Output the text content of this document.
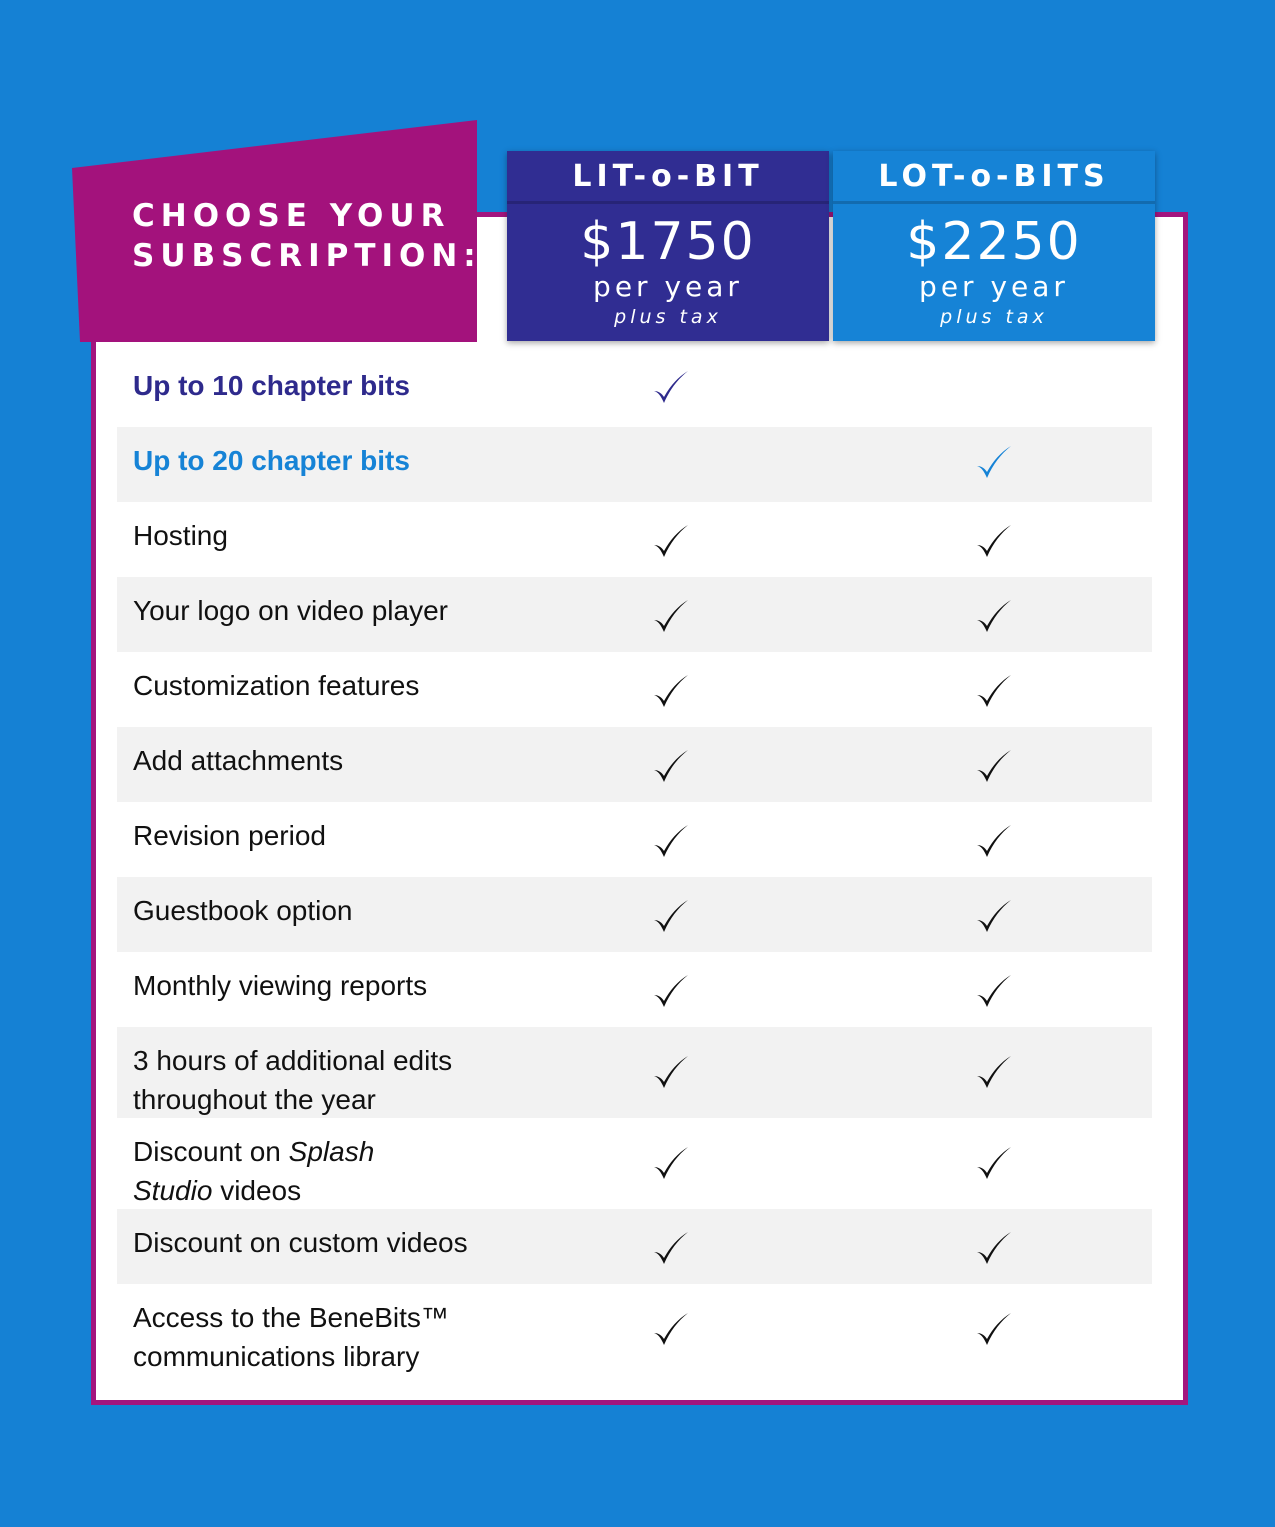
CHOOSE YOUR
SUBSCRIPTION:
LIT-o-BIT
$1750
per year
plus tax
LOT-o-BITS
$2250
per year
plus tax
Up to 10 chapter bits
Up to 20 chapter bits
Hosting
Your logo on video player
Customization features
Add attachments
Revision period
Guestbook option
Monthly viewing reports
3 hours of additional edits
throughout the year
Discount on Splash
Studio videos
Discount on custom videos
Access to the BeneBits™
communications library
